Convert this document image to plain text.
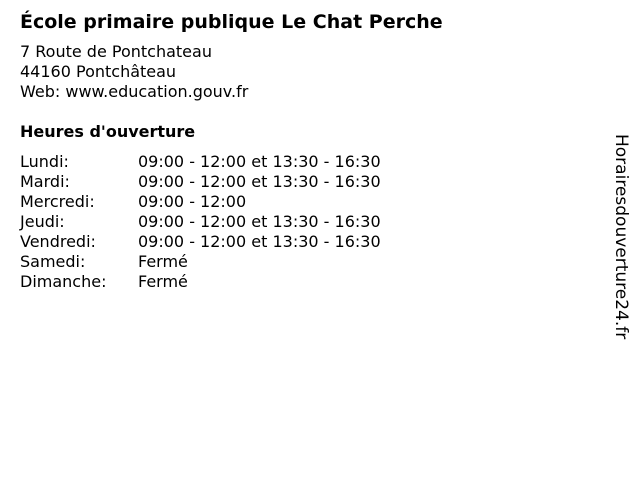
École primaire publique Le Chat Perche
7 Route de Pontchateau
44160 Pontchâteau
Web: www.education.gouv.fr
Heures d'ouverture
Lundi:	09:00 - 12:00 et 13:30 - 16:30
Mardi:	09:00 - 12:00 et 13:30 - 16:30
Mercredi:	09:00 - 12:00
Jeudi:	09:00 - 12:00 et 13:30 - 16:30
Vendredi:	09:00 - 12:00 et 13:30 - 16:30
Samedi:	Fermé
Dimanche:	Fermé	Horairesdouverture24.fr
